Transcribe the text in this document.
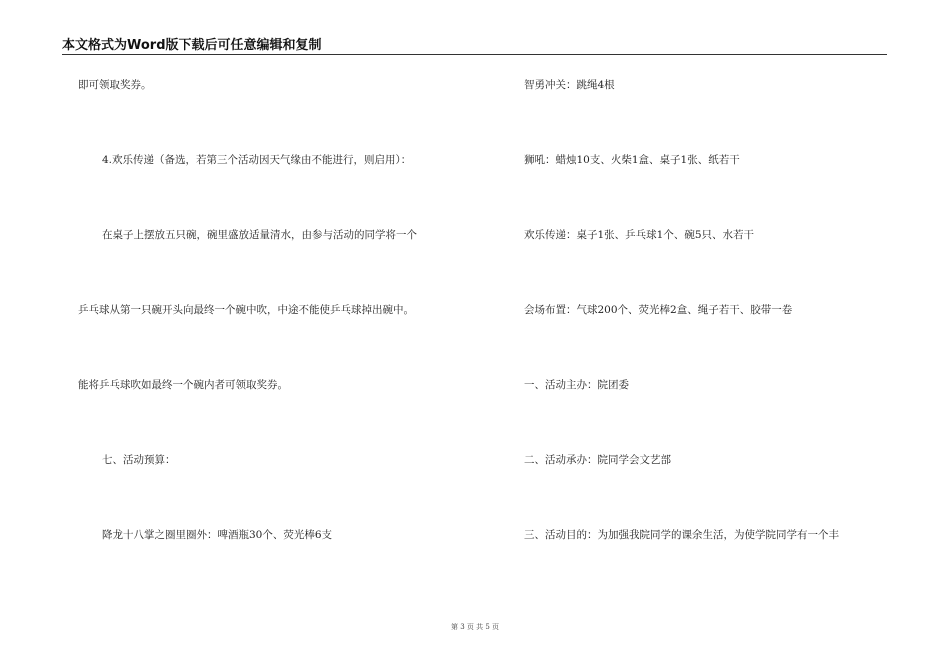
本文格式为Word版下载后可任意编辑和复制
即可领取奖券。
4.欢乐传递（备选，若第三个活动因天气缘由不能进行，则启用）：
在桌子上摆放五只碗，碗里盛放适量清水，由参与活动的同学将一个
乒乓球从第一只碗开头向最终一个碗中吹，中途不能使乒乓球掉出碗中。
能将乒乓球吹如最终一个碗内者可领取奖券。
七、活动预算：
降龙十八掌之圈里圈外：啤酒瓶30个、荧光棒6支
智勇冲关：跳绳4根
狮吼：蜡烛10支、火柴1盒、桌子1张、纸若干
欢乐传递：桌子1张、乒乓球1个、碗5只、水若干
会场布置：气球200个、荧光棒2盒、绳子若干、胶带一卷
一、活动主办：院团委
二、活动承办：院同学会文艺部
三、活动目的：为加强我院同学的课余生活，为使学院同学有一个丰
第 3 页 共 5 页
